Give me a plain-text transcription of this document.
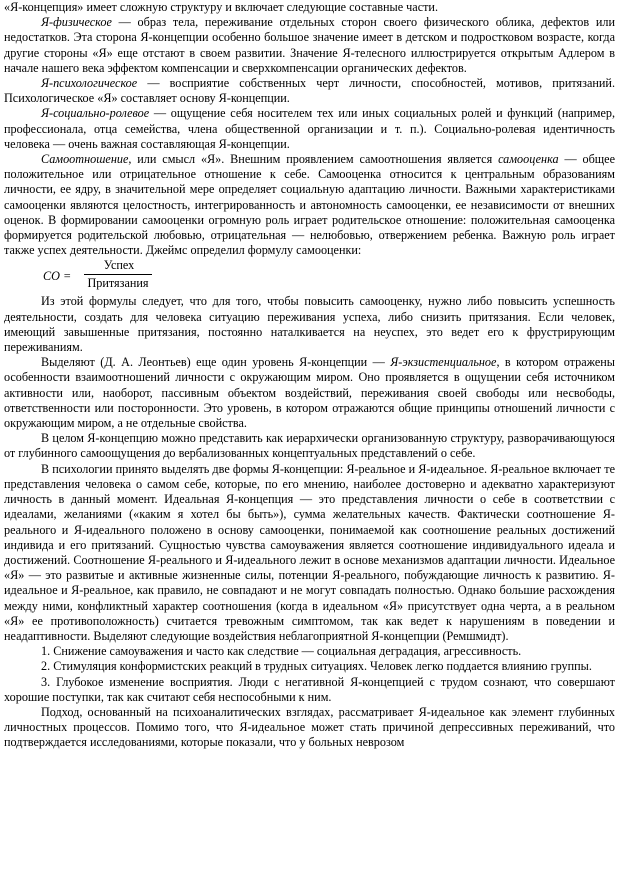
«Я-концепция» имеет сложную структуру и включает следующие составные части.

Я-физическое — образ тела, переживание отдельных сторон своего физического облика, дефектов или недостатков. Эта сторона Я-концепции особенно большое значение имеет в детском и подростковом возрасте, когда другие стороны «Я» еще отстают в своем развитии. Значение Я-телесного иллюстрируется открытым Адлером в начале нашего века эффектом компенсации и сверхкомпенсации органических дефектов.

Я-психологическое — восприятие собственных черт личности, способностей, мотивов, притязаний. Психологическое «Я» составляет основу Я-концепции.

Я-социально-ролевое — ощущение себя носителем тех или иных социальных ролей и функций (например, профессионала, отца семейства, члена общественной организации и т. п.). Социально-ролевая идентичность человека — очень важная составляющая Я-концепции.

Самоотношение, или смысл «Я». Внешним проявлением самоотношения является самооценка — общее положительное или отрицательное отношение к себе. Самооценка относится к центральным образованиям личности, ее ядру, в значительной мере определяет социальную адаптацию личности. Важными характеристиками самооценки являются целостность, интегрированность и автономность самооценки, ее независимости от внешних оценок. В формировании самооценки огромную роль играет родительское отношение: положительная самооценка формируется родительской любовью, отрицательная — нелюбовью, отвержением ребенка. Важную роль играет также успех деятельности. Джеймс определил формулу самооценки:

СО =
Успех
Притязания

Из этой формулы следует, что для того, чтобы повысить самооценку, нужно либо повысить успешность деятельности, создать для человека ситуацию переживания успеха, либо снизить притязания. Если человек, имеющий завышенные притязания, постоянно наталкивается на неуспех, это ведет его к фрустрирующим переживаниям.

Выделяют (Д. А. Леонтьев) еще один уровень Я-концепции — Я-экзистенциальное, в котором отражены особенности взаимоотношений личности с окружающим миром. Оно проявляется в ощущении себя источником активности или, наоборот, пассивным объектом воздействий, переживания своей свободы или несвободы, ответственности или посторонности. Это уровень, в котором отражаются общие принципы отношений личности с окружающим миром, а не отдельные свойства.

В целом Я-концепцию можно представить как иерархически организованную структуру, разворачивающуюся от глубинного самоощущения до вербализованных концептуальных представлений о себе.

В психологии принято выделять две формы Я-концепции: Я-реальное и Я-идеальное. Я-реальное включает те представления человека о самом себе, которые, по его мнению, наиболее достоверно и адекватно характеризуют личность в данный момент. Идеальная Я-концепция — это представления личности о себе в соответствии с идеалами, желаниями («каким я хотел бы быть»), сумма желательных качеств. Фактически соотношение Я-реального и Я-идеального положено в основу самооценки, понимаемой как соотношение реальных достижений индивида и его притязаний. Сущностью чувства самоуважения является соотношение индивидуального идеала и достижений. Соотношение Я-реального и Я-идеального лежит в основе механизмов адаптации личности. Идеальное «Я» — это развитые и активные жизненные силы, потенции Я-реального, побуждающие личность к развитию. Я-идеальное и Я-реальное, как правило, не совпадают и не могут совпадать полностью. Однако большие расхождения между ними, конфликтный характер соотношения (когда в идеальном «Я» присутствует одна черта, а в реальном «Я» ее противоположность) считается тревожным симптомом, так как ведет к нарушениям в поведении и неадаптивности. Выделяют следующие воздействия неблагоприятной Я-концепции (Ремшмидт).

1. Снижение самоуважения и часто как следствие — социальная деградация, агрессивность.

2. Стимуляция конформистских реакций в трудных ситуациях. Человек легко поддается влиянию группы.

3. Глубокое изменение восприятия. Люди с негативной Я-концепцией с трудом сознают, что совершают хорошие поступки, так как считают себя неспособными к ним.

Подход, основанный на психоаналитических взглядах, рассматривает Я-идеальное как элемент глубинных личностных процессов. Помимо того, что Я-идеальное может стать причиной депрессивных переживаний, что подтверждается исследованиями, которые показали, что у больных неврозом
